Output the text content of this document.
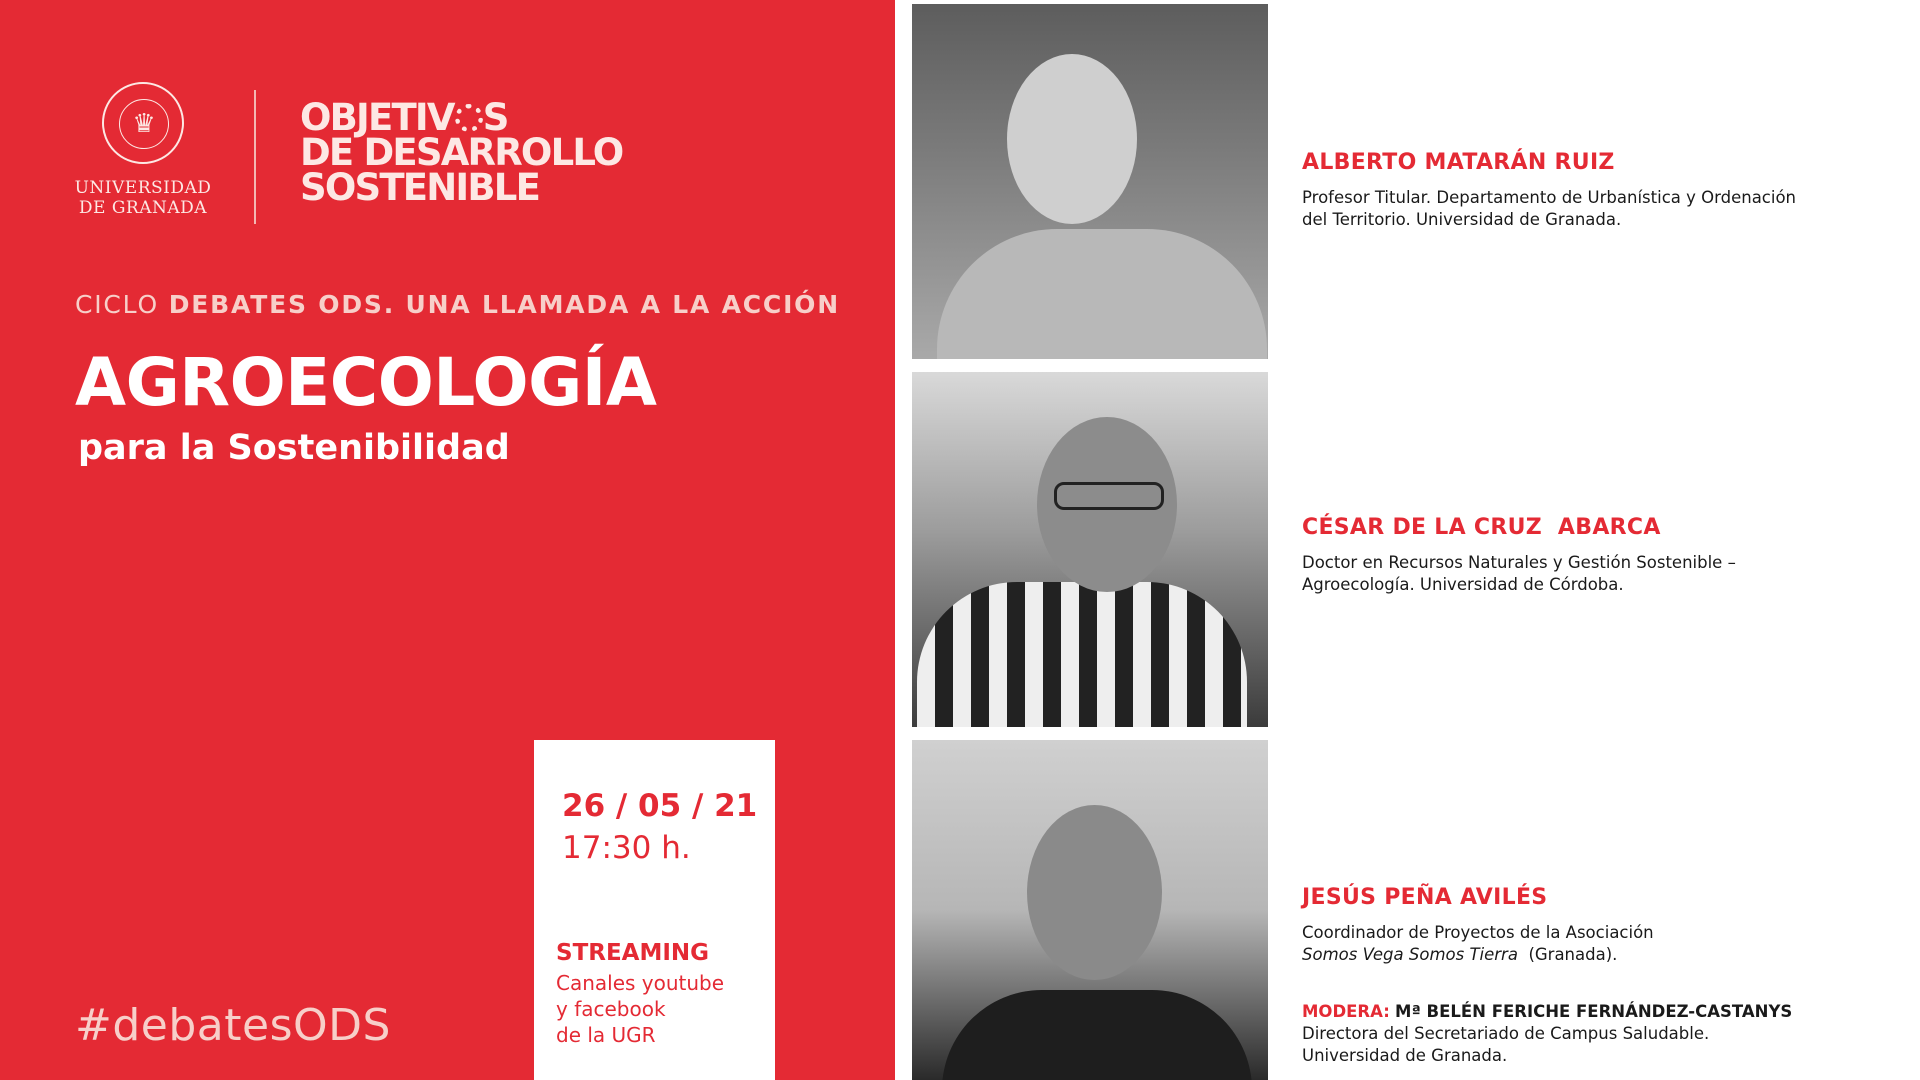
♛
UNIVERSIDAD
DE GRANADA
OBJETIV S
DE DESARROLLO
SOSTENIBLE
CICLO DEBATES ODS. UNA LLAMADA A LA ACCIÓN
AGROECOLOGÍA
para la Sostenibilidad
#debatesODS
26 / 05 / 21
17:30 h.
STREAMING
Canales youtube
y facebook
de la UGR
ALBERTO MATARÁN RUIZ
Profesor Titular. Departamento de Urbanística y Ordenación
del Territorio. Universidad de Granada.
CÉSAR DE LA CRUZ  ABARCA
Doctor en Recursos Naturales y Gestión Sostenible –
Agroecología. Universidad de Córdoba.
JESÚS PEÑA AVILÉS
Coordinador de Proyectos de la Asociación
Somos Vega Somos Tierra  (Granada).
MODERA: Mª BELÉN FERICHE FERNÁNDEZ-CASTANYS
Directora del Secretariado de Campus Saludable.
Universidad de Granada.
